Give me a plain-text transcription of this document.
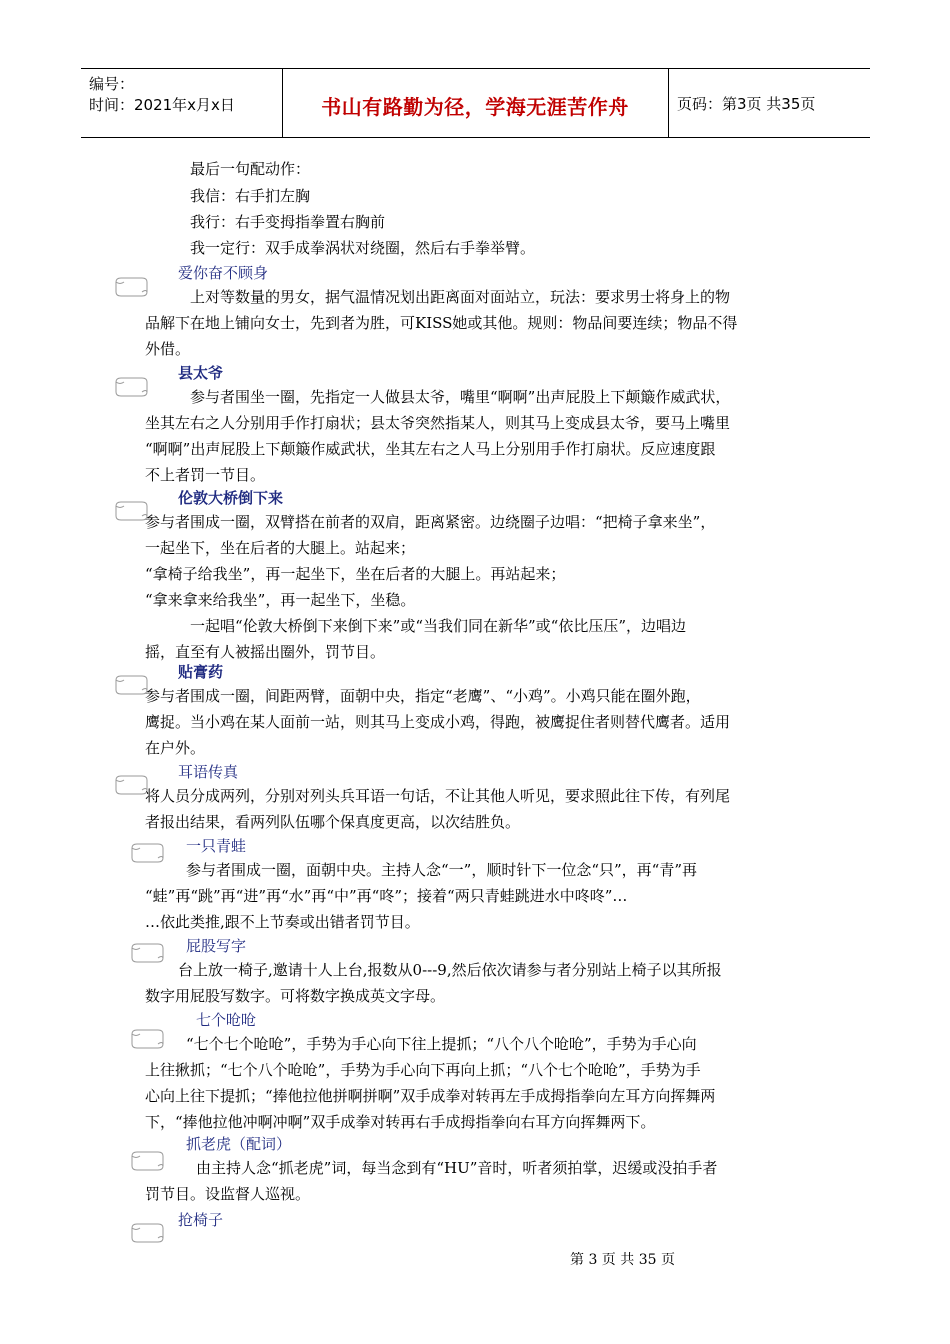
编号：
时间：2021年x月x日	书山有路勤为径，学海无涯苦作舟	页码：第3页 共35页
最后一句配动作：
我信：右手扪左胸
我行：右手变拇指拳置右胸前
我一定行：双手成拳涡状对绕圈，然后右手拳举臂。
爱你奋不顾身
上对等数量的男女，据气温情况划出距离面对面站立，玩法：要求男士将身上的物
品解下在地上铺向女士，先到者为胜，可KISS她或其他。规则：物品间要连续；物品不得
外借。
县太爷
参与者围坐一圈，先指定一人做县太爷，嘴里“啊啊”出声屁股上下颠簸作威武状，
坐其左右之人分别用手作打扇状；县太爷突然指某人，则其马上变成县太爷，要马上嘴里
“啊啊”出声屁股上下颠簸作威武状，坐其左右之人马上分别用手作打扇状。反应速度跟
不上者罚一节目。
伦敦大桥倒下来
参与者围成一圈，双臂搭在前者的双肩，距离紧密。边绕圈子边唱：“把椅子拿来坐”，
一起坐下，坐在后者的大腿上。站起来；
“拿椅子给我坐”，再一起坐下，坐在后者的大腿上。再站起来；
“拿来拿来给我坐”，再一起坐下，坐稳。
一起唱“伦敦大桥倒下来倒下来”或“当我们同在新华”或“依比压压”，边唱边
摇，直至有人被摇出圈外，罚节目。
贴膏药
参与者围成一圈，间距两臂，面朝中央，指定“老鹰”、“小鸡”。小鸡只能在圈外跑，
鹰捉。当小鸡在某人面前一站，则其马上变成小鸡，得跑，被鹰捉住者则替代鹰者。适用
在户外。
耳语传真
将人员分成两列，分别对列头兵耳语一句话，不让其他人听见，要求照此往下传，有列尾
者报出结果，看两列队伍哪个保真度更高，以次结胜负。
一只青蛙
参与者围成一圈，面朝中央。主持人念“一”，顺时针下一位念“只”，再“青”再
“蛙”再“跳”再“进”再“水”再“中”再“咚”；接着“两只青蛙跳进水中咚咚”…
…依此类推,跟不上节奏或出错者罚节目。
屁股写字
台上放一椅子,邀请十人上台,报数从0---9,然后依次请参与者分别站上椅子以其所报
数字用屁股写数字。可将数字换成英文字母。
七个呛呛
“七个七个呛呛”，手势为手心向下往上提抓；“八个八个呛呛”，手势为手心向
上往揪抓；“七个八个呛呛”，手势为手心向下再向上抓；“八个七个呛呛”，手势为手
心向上往下提抓；“捧他拉他拼啊拼啊”双手成拳对转再左手成拇指拳向左耳方向挥舞两
下，“捧他拉他冲啊冲啊”双手成拳对转再右手成拇指拳向右耳方向挥舞两下。
抓老虎（配词）
由主持人念“抓老虎”词，每当念到有“HU”音时，听者须拍掌，迟缓或没拍手者
罚节目。设监督人巡视。
抢椅子
第 3 页 共 35 页
